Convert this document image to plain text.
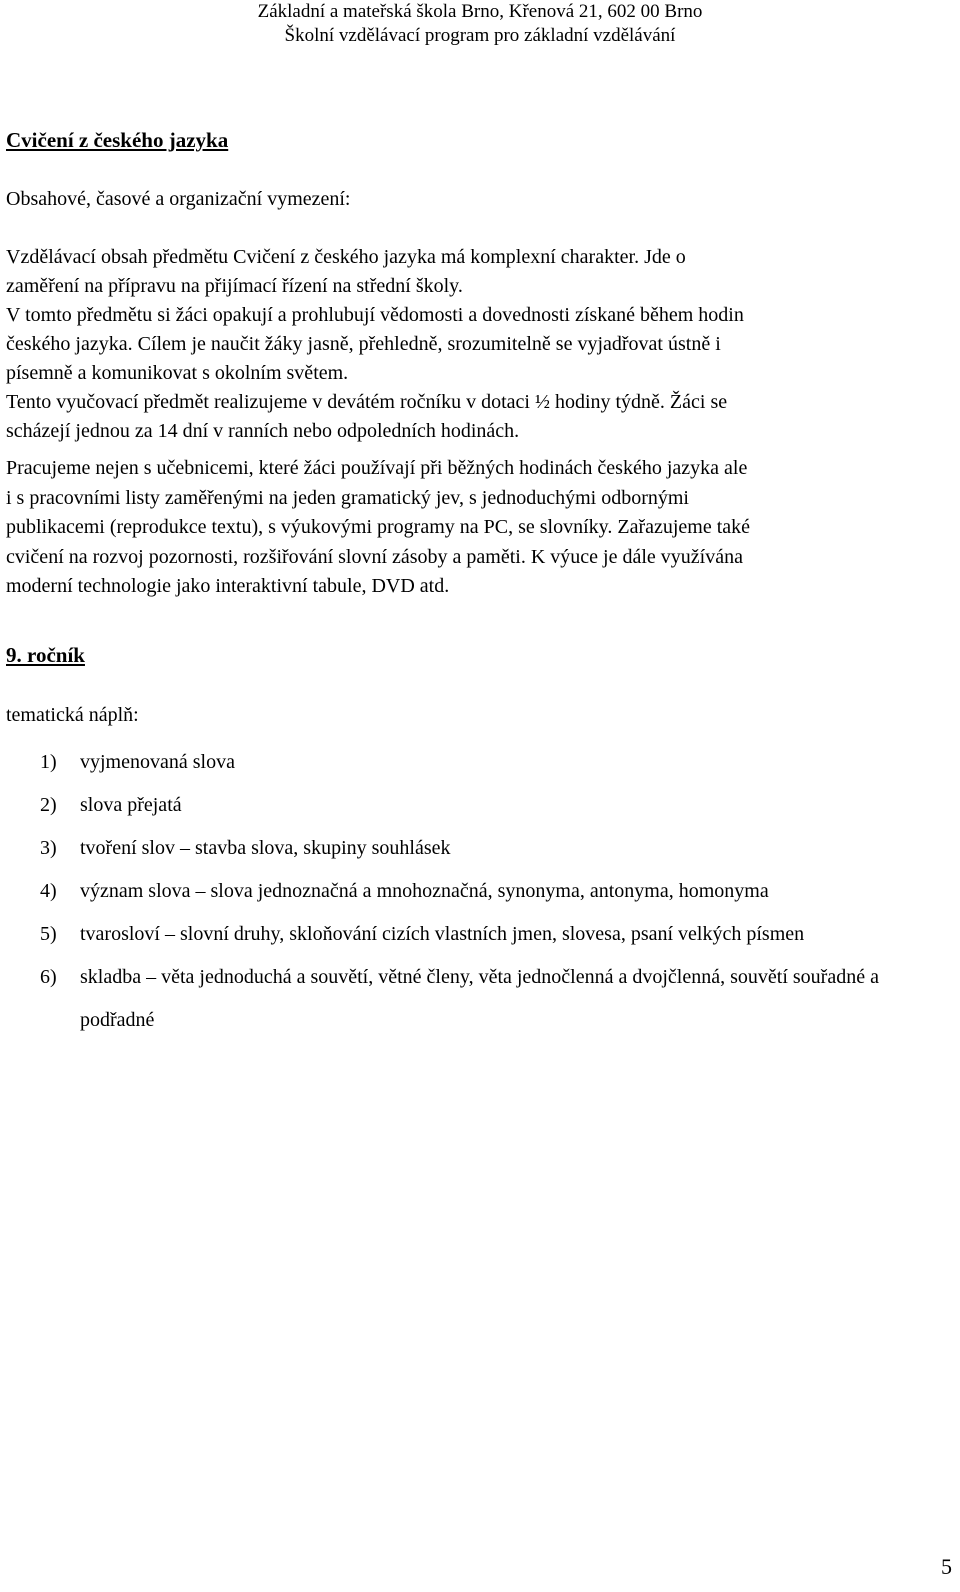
Základní a mateřská škola Brno, Křenová 21, 602 00 Brno
Školní vzdělávací program pro základní vzdělávání
Cvičení z českého jazyka
Obsahové, časové a organizační vymezení:
Vzdělávací obsah předmětu Cvičení z českého jazyka má komplexní charakter. Jde o
zaměření na přípravu na přijímací řízení na střední školy.
V tomto předmětu si žáci opakují a prohlubují vědomosti a dovednosti získané během hodin
českého jazyka. Cílem je naučit žáky jasně, přehledně, srozumitelně se vyjadřovat ústně i
písemně a komunikovat s okolním světem.
Tento vyučovací předmět realizujeme v devátém ročníku v dotaci ½ hodiny týdně. Žáci se
scházejí jednou za 14 dní v ranních nebo odpoledních hodinách.
Pracujeme nejen s učebnicemi, které žáci používají při běžných hodinách českého jazyka ale
i s pracovními listy zaměřenými na jeden gramatický jev, s jednoduchými odbornými
publikacemi (reprodukce textu), s výukovými programy na PC, se slovníky. Zařazujeme také
cvičení na rozvoj pozornosti, rozšiřování slovní zásoby a paměti. K výuce je dále využívána
moderní technologie jako interaktivní tabule, DVD atd.
9. ročník
tematická náplň:
1) vyjmenovaná slova
2) slova přejatá
3) tvoření slov – stavba slova, skupiny souhlásek
4) význam slova – slova jednoznačná a mnohoznačná, synonyma, antonyma, homonyma
5) tvarosloví – slovní druhy, skloňování cizích vlastních jmen, slovesa, psaní velkých písmen
6) skladba – věta jednoduchá a souvětí, větné členy, věta jednočlenná a dvojčlenná, souvětí souřadné a podřadné
5
